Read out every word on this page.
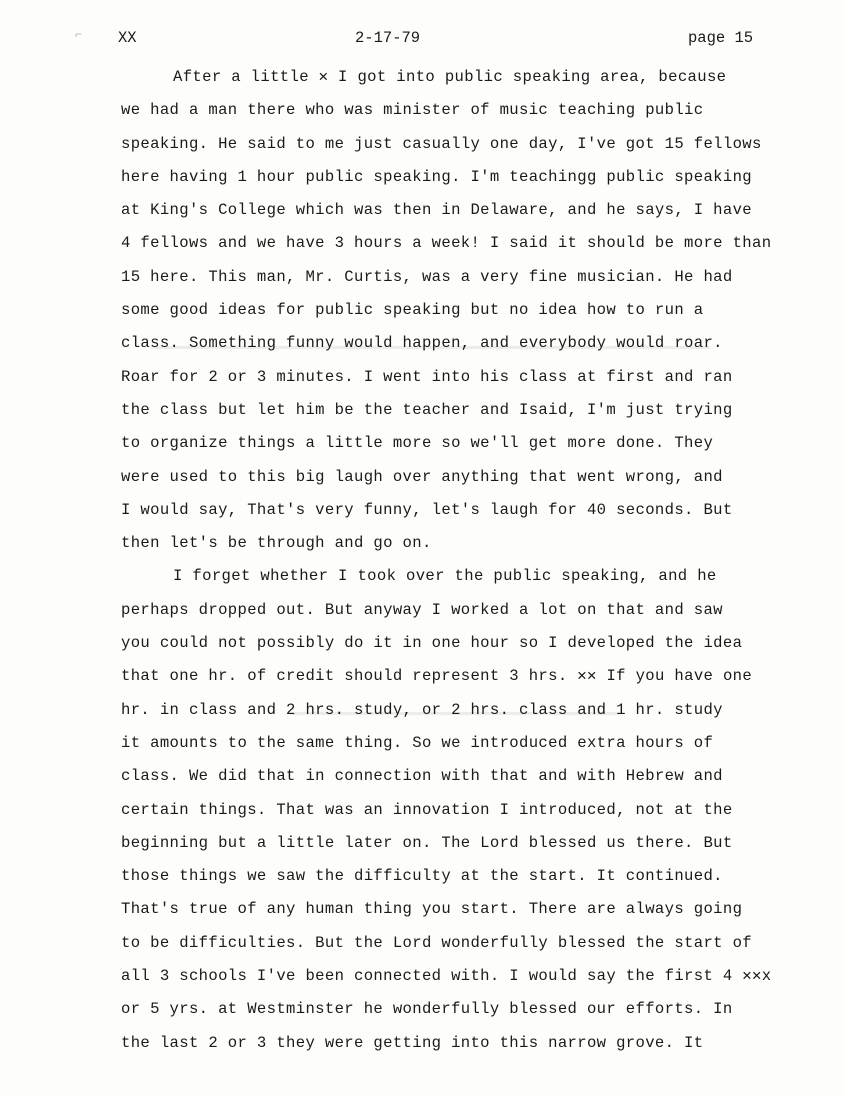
⌐ XX	2-17-79	page 15
After a little ✕ I got into public speaking area, because
we had a man there who was minister of music teaching public
speaking. He said to me just casually one day, I've got 15 fellows
here having 1 hour public speaking. I'm teachingg public speaking
at King's College which was then in Delaware, and he says, I have
4 fellows and we have 3 hours a week! I said it should be more than
15 here. This man, Mr. Curtis, was a very fine musician. He had
some good ideas for public speaking but no idea how to run a
class. Something funny would happen, and everybody would roar.
Roar for 2 or 3 minutes. I went into his class at first and ran
the class but let him be the teacher and Isaid, I'm just trying
to organize things a little more so we'll get more done. They
were used to this big laugh over anything that went wrong, and
I would say, That's very funny, let's laugh for 40 seconds. But
then let's be through and go on.
I forget whether I took over the public speaking, and he
perhaps dropped out. But anyway I worked a lot on that and saw
you could not possibly do it in one hour so I developed the idea
that one hr. of credit should represent 3 hrs. ✕✕ If you have one
hr. in class and 2 hrs. study, or 2 hrs. class and 1 hr. study
it amounts to the same thing. So we introduced extra hours of
class. We did that in connection with that and with Hebrew and
certain things. That was an innovation I introduced, not at the
beginning but a little later on. The Lord blessed us there. But
those things we saw the difficulty at the start. It continued.
That's true of any human thing you start. There are always going
to be difficulties. But the Lord wonderfully blessed the start of
all 3 schools I've been connected with. I would say the first 4 ✕✕x
or 5 yrs. at Westminster he wonderfully blessed our efforts. In
the last 2 or 3 they were getting into this narrow grove. It
